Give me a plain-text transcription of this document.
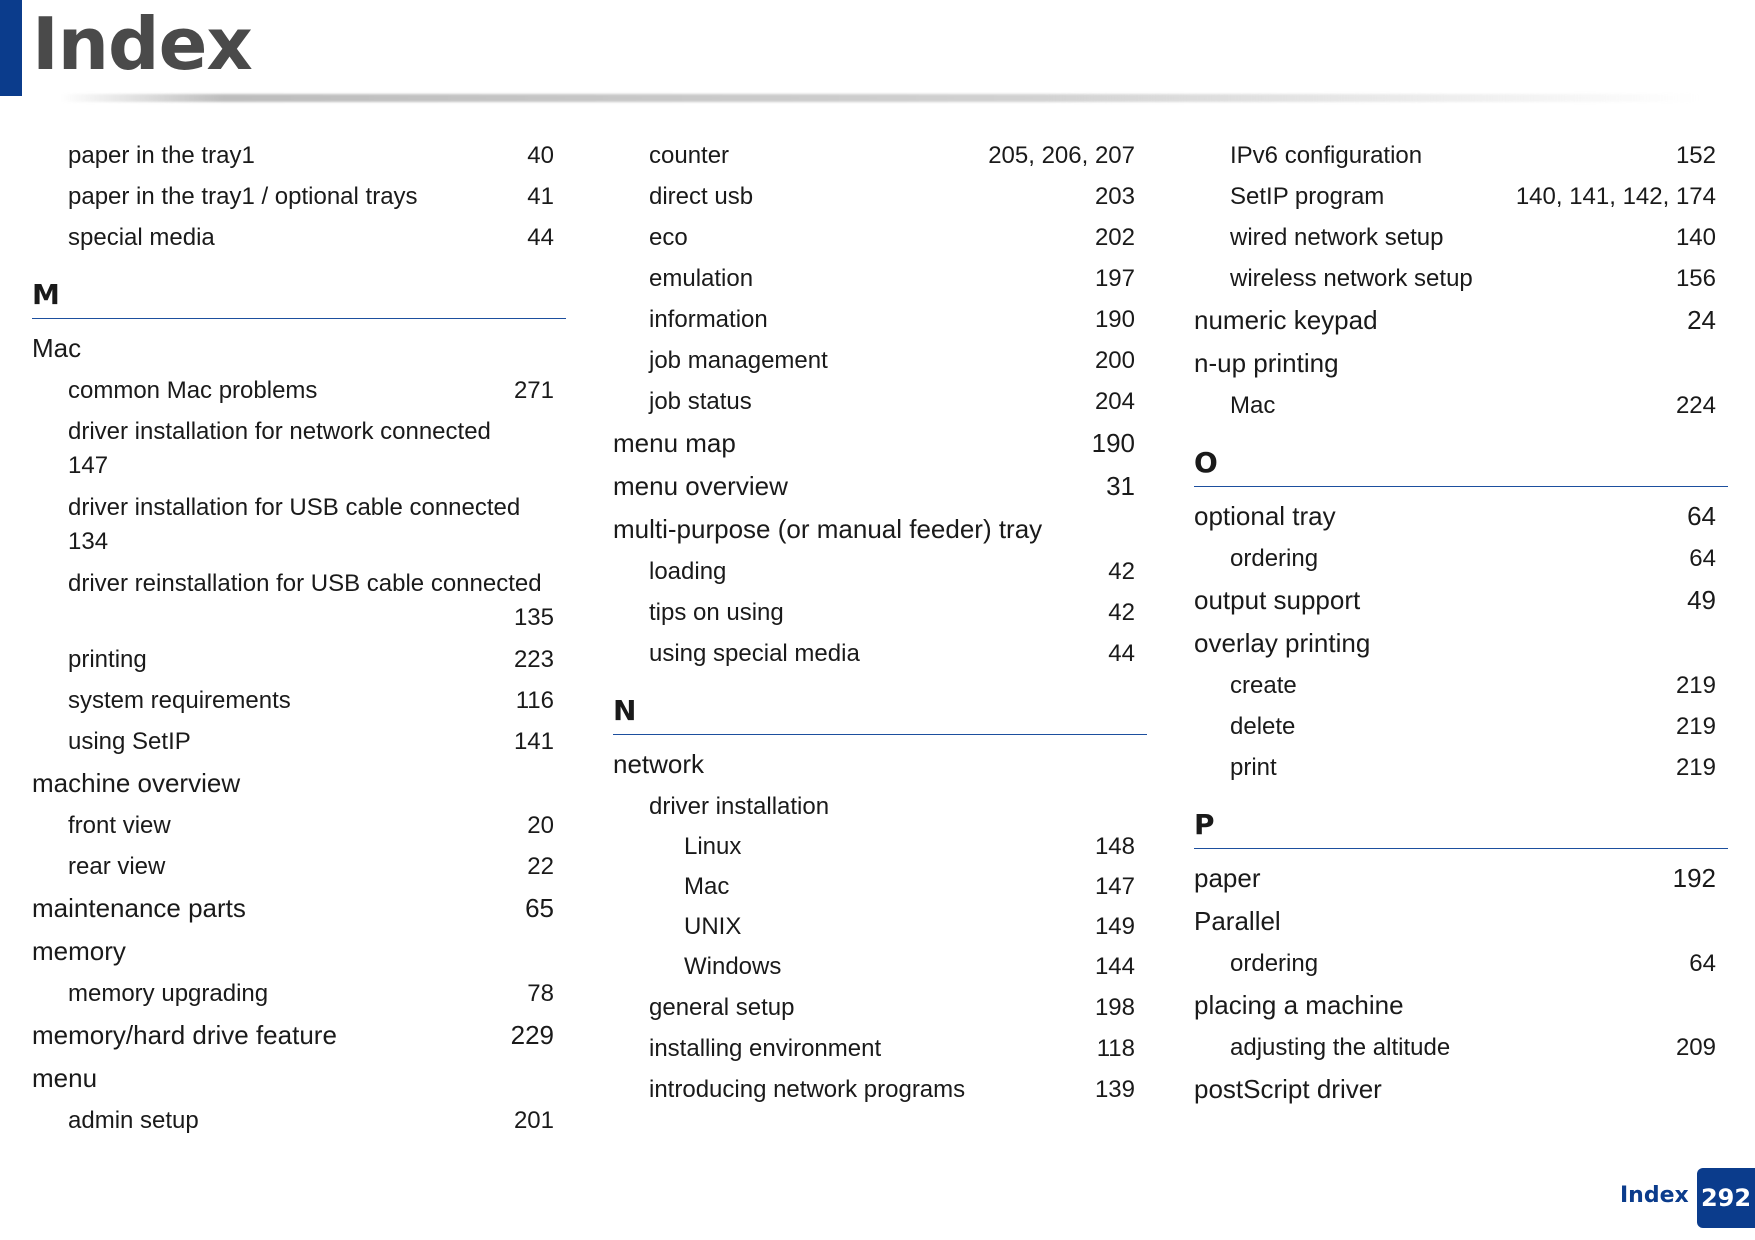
Index
paper in the tray1	40
paper in the tray1 / optional trays	41
special media	44
M
Mac
common Mac problems	271
driver installation for network connected
147
driver installation for USB cable connected
134
driver reinstallation for USB cable connected
135
printing	223
system requirements	116
using SetIP	141
machine overview
front view	20
rear view	22
maintenance parts	65
memory
memory upgrading	78
memory/hard drive feature	229
menu
admin setup	201
counter	205, 206, 207
direct usb	203
eco	202
emulation	197
information	190
job management	200
job status	204
menu map	190
menu overview	31
multi-purpose (or manual feeder) tray
loading	42
tips on using	42
using special media	44
N
network
driver installation
Linux	148
Mac	147
UNIX	149
Windows	144
general setup	198
installing environment	118
introducing network programs	139
IPv6 configuration	152
SetIP program	140, 141, 142, 174
wired network setup	140
wireless network setup	156
numeric keypad	24
n-up printing
Mac	224
O
optional tray	64
ordering	64
output support	49
overlay printing
create	219
delete	219
print	219
P
paper	192
Parallel
ordering	64
placing a machine
adjusting the altitude	209
postScript driver
Index 292
